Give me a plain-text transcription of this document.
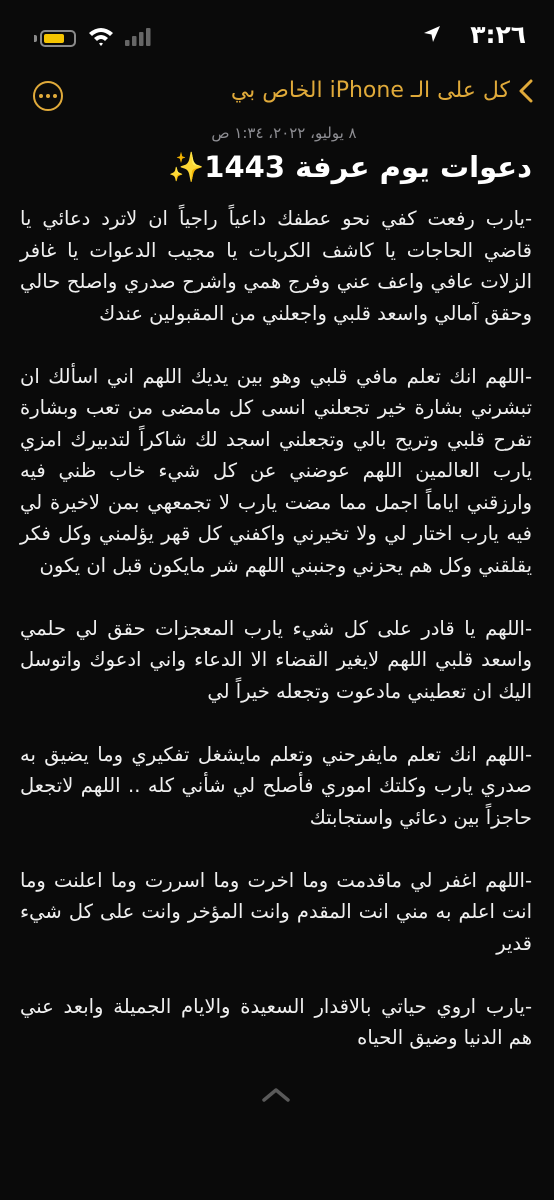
٣:٢٦
كل على الـ iPhone الخاص بي
٨ يوليو، ٢٠٢٢، ١:٣٤ ص
دعوات يوم عرفة 1443✨

-يارب رفعت كفي نحو عطفك داعياً راجياً ان لاترد دعائي يا قاضي الحاجات يا كاشف الكربات يا مجيب الدعوات يا غافر الزلات عافي واعف عني وفرج همي واشرح صدري واصلح حالي وحقق آمالي واسعد قلبي واجعلني من المقبولين عندك

-اللهم انك تعلم مافي قلبي وهو بين يديك اللهم اني اسألك ان تبشرني بشارة خير تجعلني انسى كل مامضى من تعب وبشارة تفرح قلبي وتريح بالي وتجعلني اسجد لك شاكراً لتدبيرك امزي يارب العالمين اللهم عوضني عن كل شيء خاب ظني فيه وارزقني اياماً اجمل مما مضت يارب لا تجمعهي بمن لاخيرة لي فيه يارب اختار لي ولا تخيرني واكفني كل قهر يؤلمني وكل فكر يقلقني وكل هم يحزني وجنبني اللهم شر مايكون قبل ان يكون

-اللهم يا قادر على كل شيء يارب المعجزات حقق لي حلمي واسعد قلبي اللهم لايغير القضاء الا الدعاء واني ادعوك واتوسل اليك ان تعطيني مادعوت وتجعله خيراً لي

-اللهم انك تعلم مايفرحني وتعلم مايشغل تفكيري وما يضيق به صدري يارب وكلتك اموري فأصلح لي شأني كله .. اللهم لاتجعل حاجزاً بين دعائي واستجابتك

-اللهم اغفر لي ماقدمت وما اخرت وما اسررت وما اعلنت وما انت اعلم به مني انت المقدم وانت المؤخر وانت على كل شيء قدير

-يارب اروي حياتي بالاقدار السعيدة والايام الجميلة وابعد عني هم الدنيا وضيق الحياه
